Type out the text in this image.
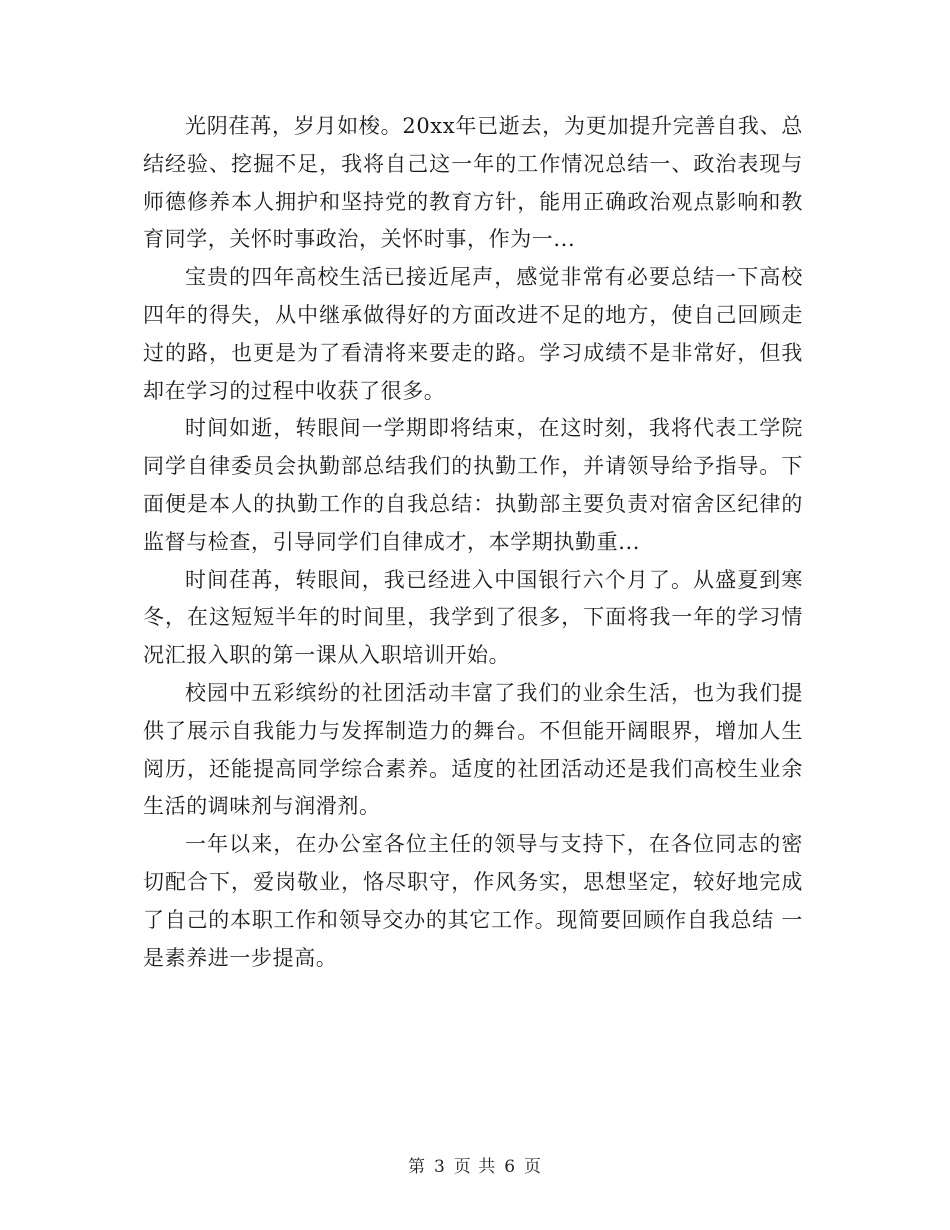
光阴荏苒，岁月如梭。20xx年已逝去，为更加提升完善自我、总结经验、挖掘不足，我将自己这一年的工作情况总结一、政治表现与师德修养本人拥护和坚持党的教育方针，能用正确政治观点影响和教育同学，关怀时事政治，关怀时事，作为一...

宝贵的四年高校生活已接近尾声，感觉非常有必要总结一下高校四年的得失，从中继承做得好的方面改进不足的地方，使自己回顾走过的路，也更是为了看清将来要走的路。学习成绩不是非常好，但我却在学习的过程中收获了很多。

时间如逝，转眼间一学期即将结束，在这时刻，我将代表工学院同学自律委员会执勤部总结我们的执勤工作，并请领导给予指导。下面便是本人的执勤工作的自我总结：执勤部主要负责对宿舍区纪律的监督与检查，引导同学们自律成才，本学期执勤重...

时间荏苒，转眼间，我已经进入中国银行六个月了。从盛夏到寒冬，在这短短半年的时间里，我学到了很多，下面将我一年的学习情况汇报入职的第一课从入职培训开始。

校园中五彩缤纷的社团活动丰富了我们的业余生活，也为我们提供了展示自我能力与发挥制造力的舞台。不但能开阔眼界，增加人生阅历，还能提高同学综合素养。适度的社团活动还是我们高校生业余生活的调味剂与润滑剂。

一年以来，在办公室各位主任的领导与支持下，在各位同志的密切配合下，爱岗敬业，恪尽职守，作风务实，思想坚定，较好地完成了自己的本职工作和领导交办的其它工作。现简要回顾作自我总结 一是素养进一步提高。

第 3 页 共 6 页
